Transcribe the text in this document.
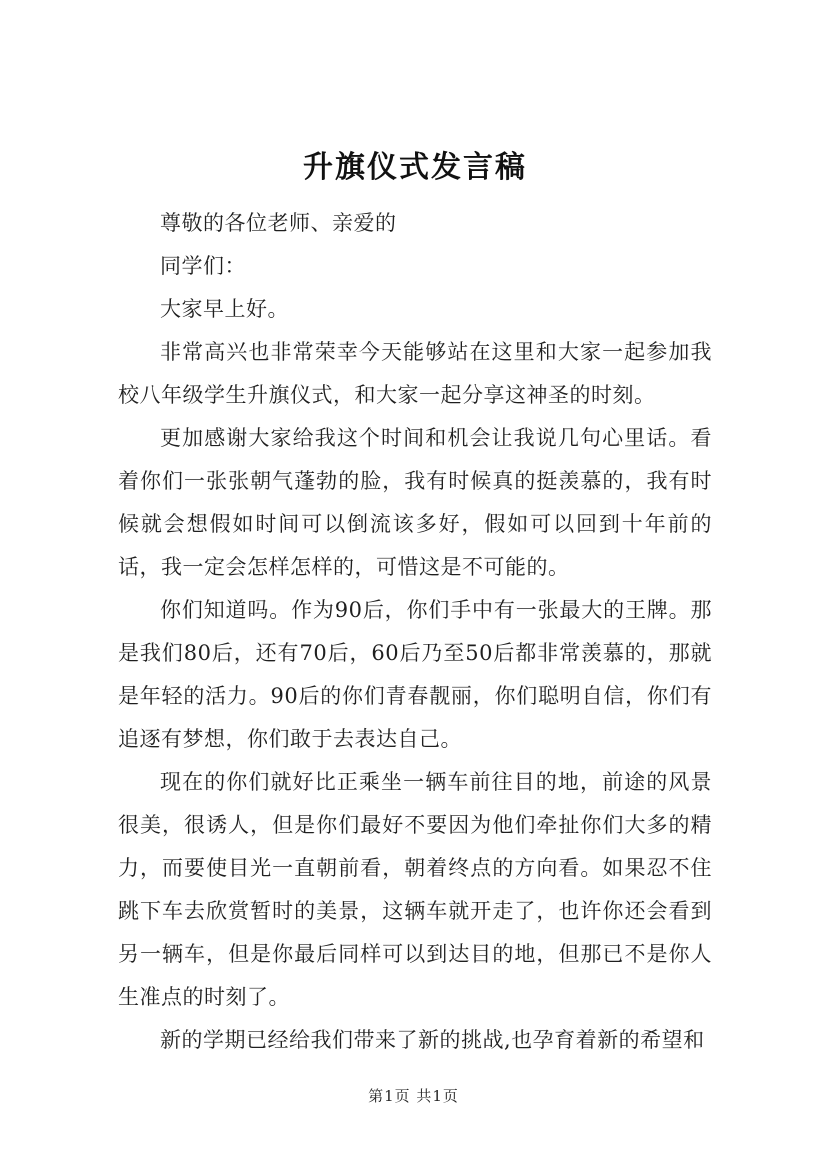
升旗仪式发言稿

尊敬的各位老师、亲爱的

同学们：

大家早上好。

非常高兴也非常荣幸今天能够站在这里和大家一起参加我校八年级学生升旗仪式，和大家一起分享这神圣的时刻。

更加感谢大家给我这个时间和机会让我说几句心里话。看着你们一张张朝气蓬勃的脸，我有时候真的挺羡慕的，我有时候就会想假如时间可以倒流该多好，假如可以回到十年前的话，我一定会怎样怎样的，可惜这是不可能的。

你们知道吗。作为90后，你们手中有一张最大的王牌。那是我们80后，还有70后，60后乃至50后都非常羡慕的，那就是年轻的活力。90后的你们青春靓丽，你们聪明自信，你们有追逐有梦想，你们敢于去表达自己。

现在的你们就好比正乘坐一辆车前往目的地，前途的风景很美，很诱人，但是你们最好不要因为他们牵扯你们大多的精力，而要使目光一直朝前看，朝着终点的方向看。如果忍不住跳下车去欣赏暂时的美景，这辆车就开走了，也许你还会看到另一辆车，但是你最后同样可以到达目的地，但那已不是你人生准点的时刻了。

新的学期已经给我们带来了新的挑战,也孕育着新的希望和

第1页 共1页
